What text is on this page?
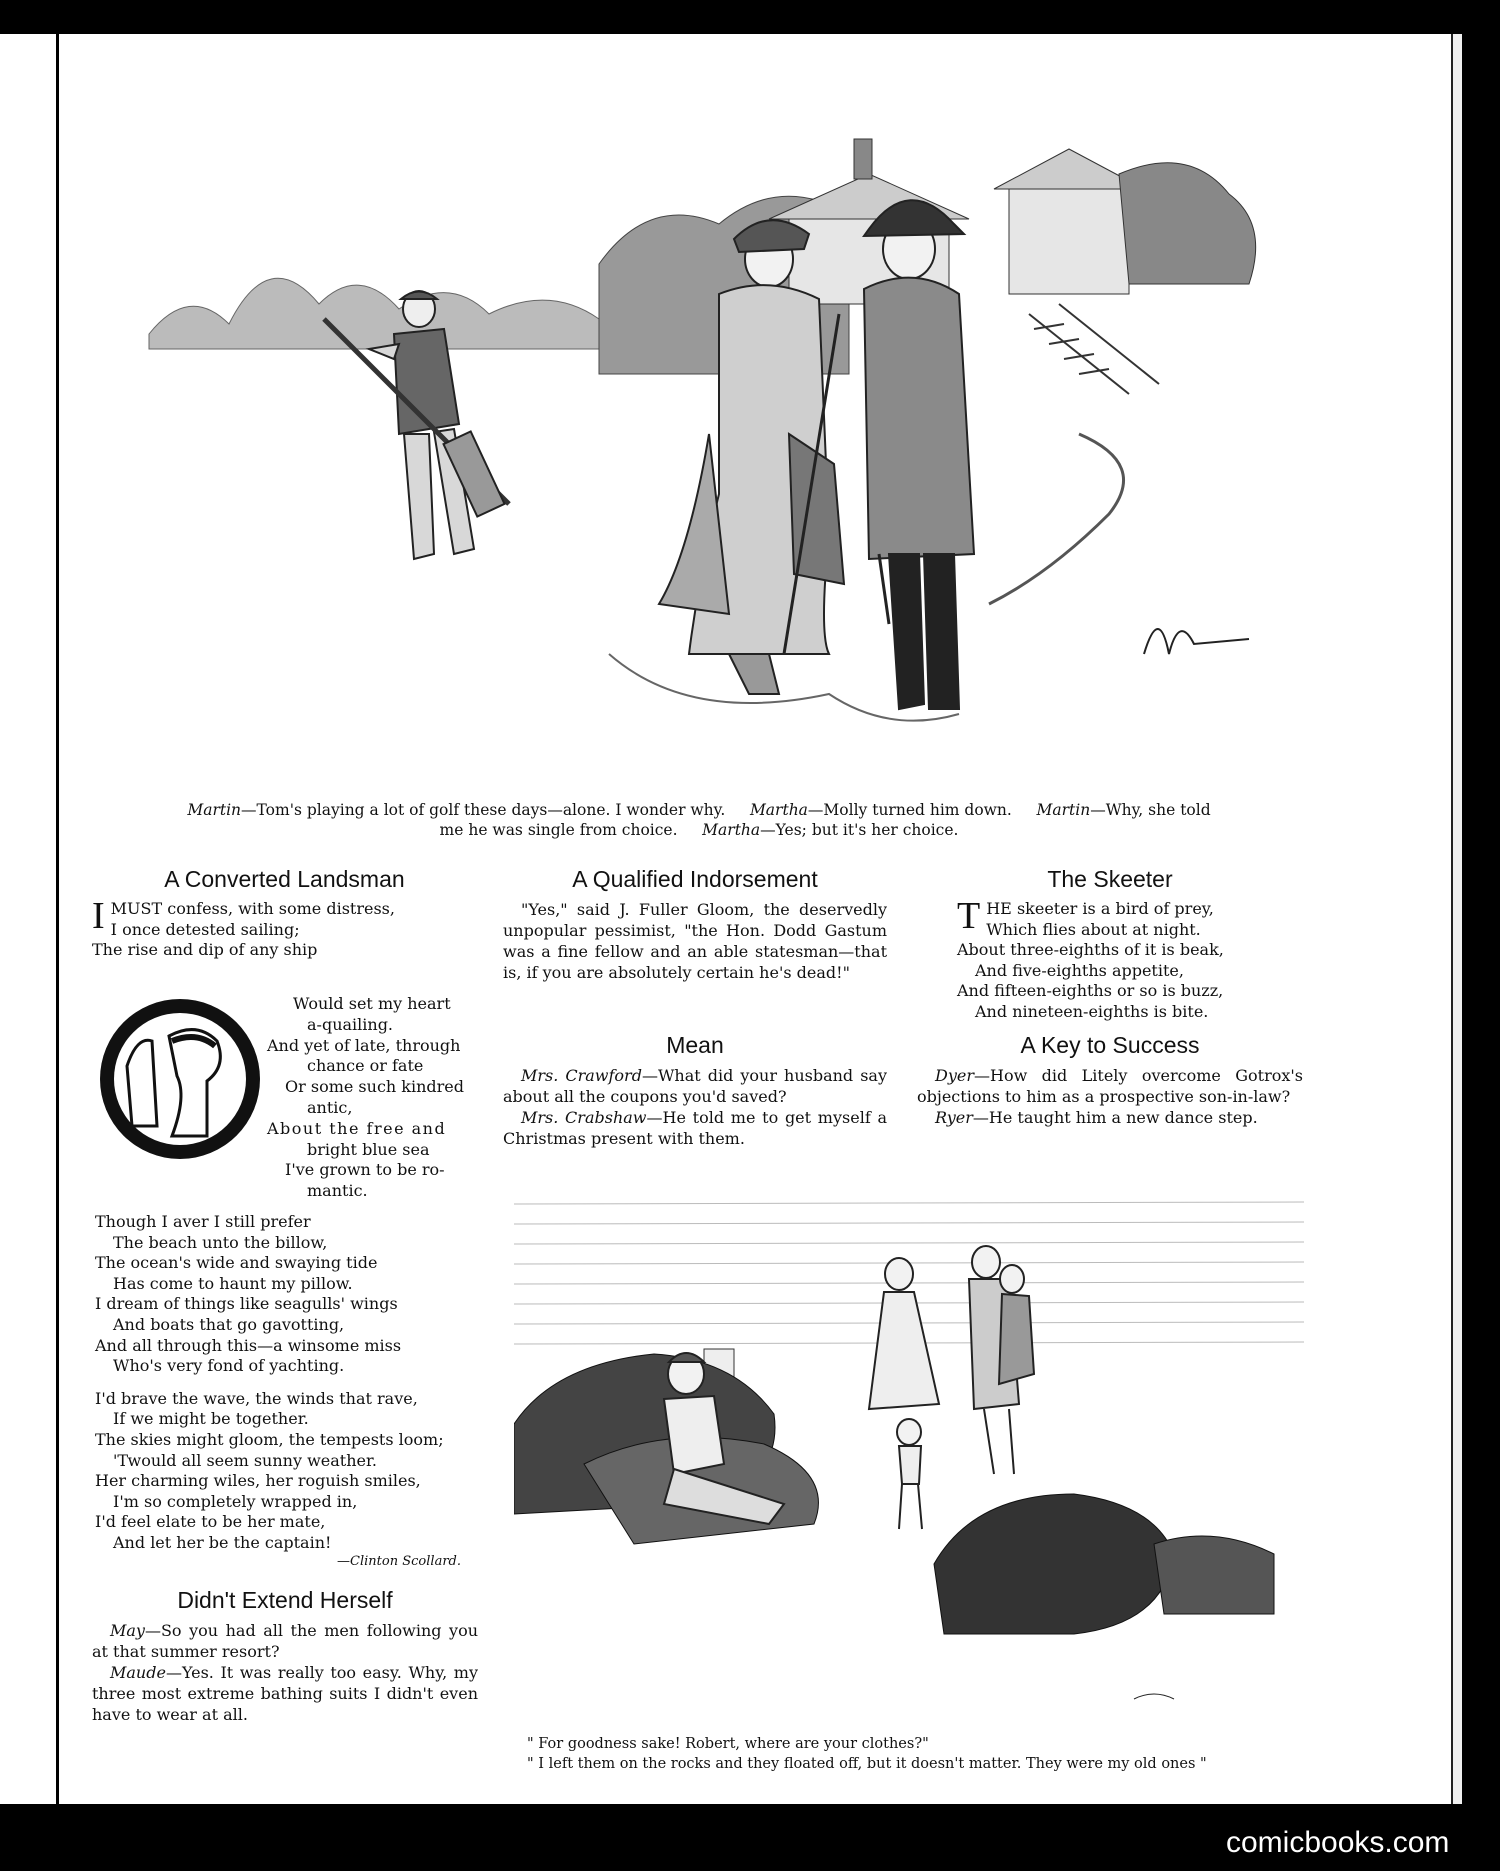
Martin—Tom's playing a lot of golf these days—alone. I wonder why. Martha—Molly turned him down. Martin—Why, she told
me he was single from choice. Martha—Yes; but it's her choice.
A Converted Landsman
I MUST confess, with some distress,
I once detested sailing;
The rise and dip of any ship
Would set my heart
a-quailing.
And yet of late, through
chance or fate
Or some such kindred
antic,
About the free and
bright blue sea
I've grown to be ro-
mantic.
Though I aver I still prefer
The beach unto the billow,
The ocean's wide and swaying tide
Has come to haunt my pillow.
I dream of things like seagulls' wings
And boats that go gavotting,
And all through this—a winsome miss
Who's very fond of yachting.
I'd brave the wave, the winds that rave,
If we might be together.
The skies might gloom, the tempests loom;
'Twould all seem sunny weather.
Her charming wiles, her roguish smiles,
I'm so completely wrapped in,
I'd feel elate to be her mate,
And let her be the captain!
—Clinton Scollard.
Didn't Extend Herself

May—So you had all the men following you at that summer resort?

Maude—Yes. It was really too easy. Why, my three most extreme bathing suits I didn't even have to wear at all.

A Qualified Indorsement

"Yes," said J. Fuller Gloom, the deservedly unpopular pessimist, "the Hon. Dodd Gastum was a fine fellow and an able statesman—that is, if you are absolutely certain he's dead!"

Mean

Mrs. Crawford—What did your husband say about all the coupons you'd saved?

Mrs. Crabshaw—He told me to get myself a Christmas present with them.

The Skeeter
T HE skeeter is a bird of prey,
Which flies about at night.
About three-eighths of it is beak,
And five-eighths appetite,
And fifteen-eighths or so is buzz,
And nineteen-eighths is bite.
A Key to Success

Dyer—How did Litely overcome Gotrox's objections to him as a prospective son-in-law?

Ryer—He taught him a new dance step.

" For goodness sake! Robert, where are your clothes?"
" I left them on the rocks and they floated off, but it doesn't matter. They were my old ones "
comicbooks.com
